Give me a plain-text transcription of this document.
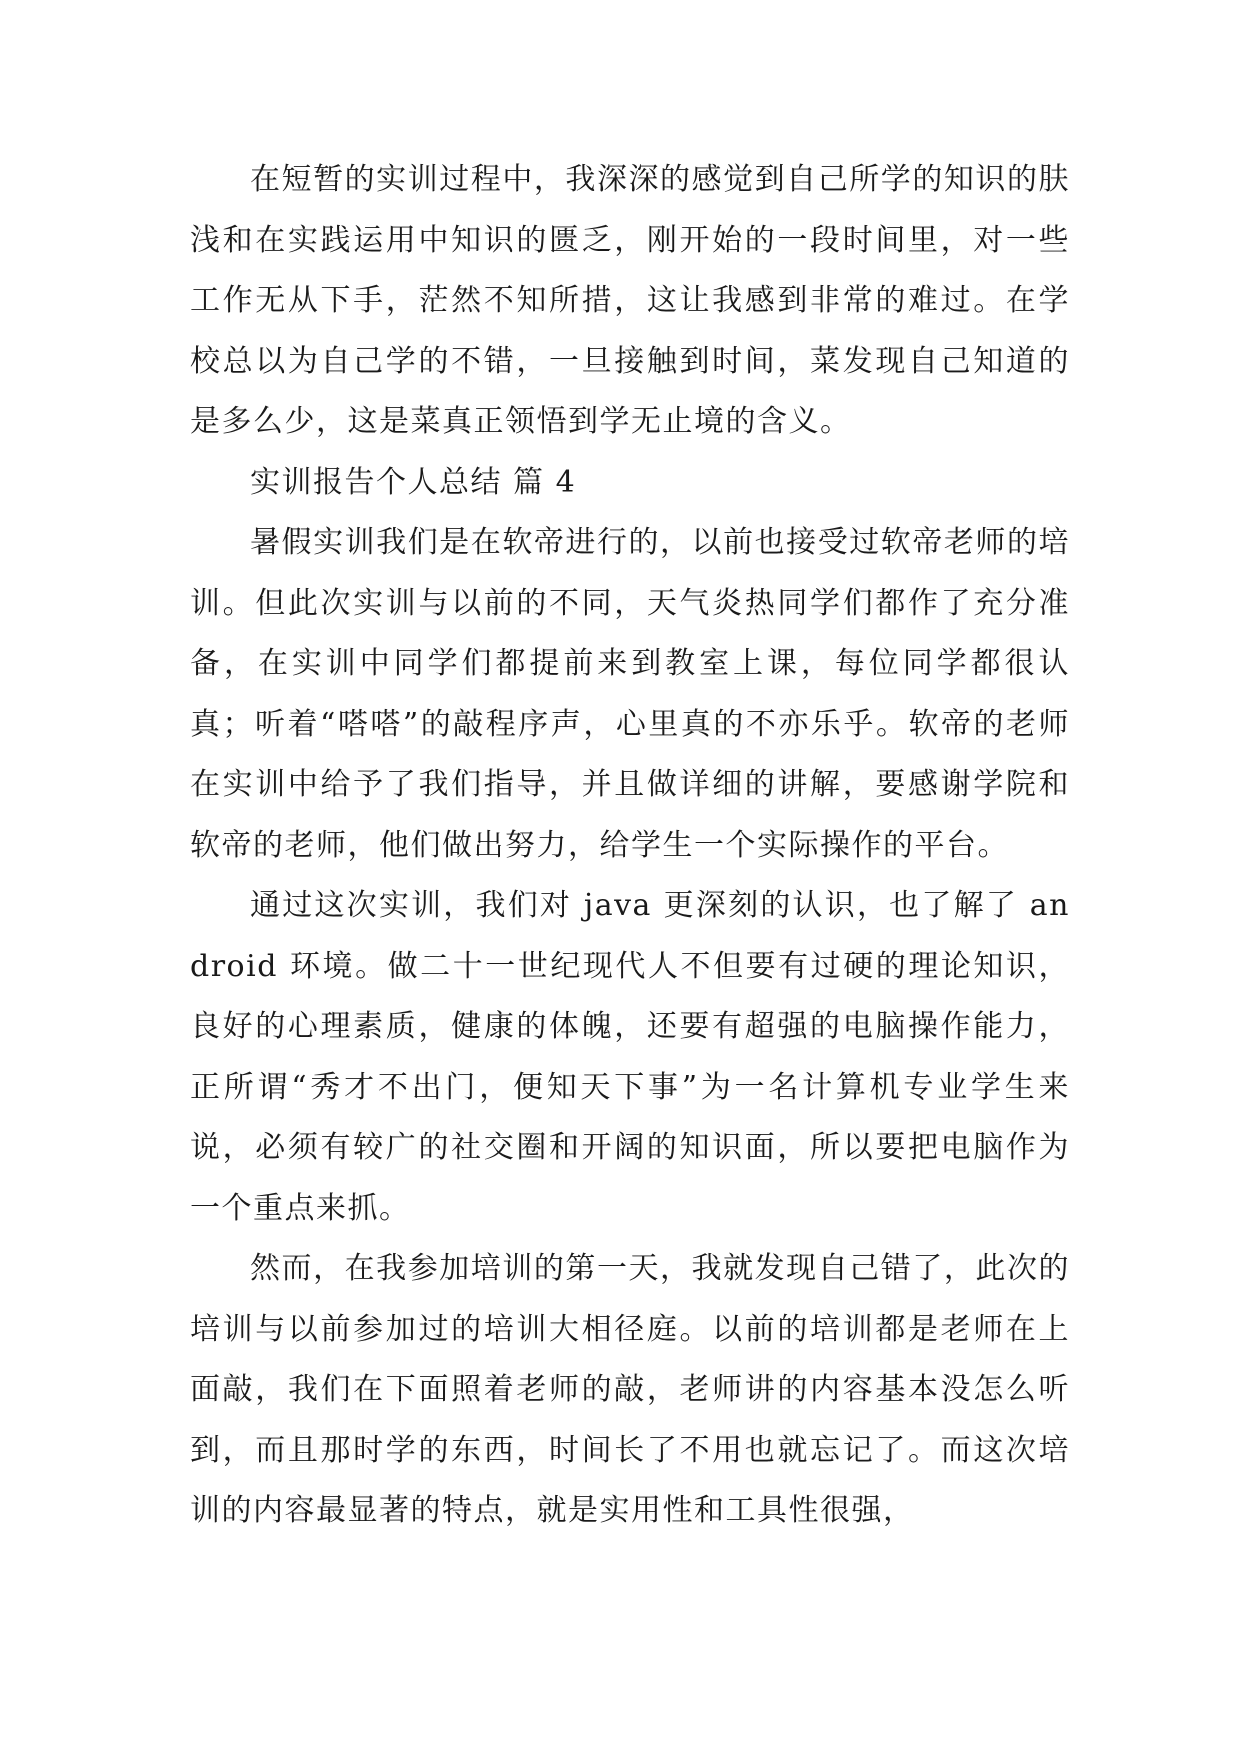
在短暂的实训过程中，我深深的感觉到自己所学的知识的肤浅和在实践运用中知识的匮乏，刚开始的一段时间里，对一些工作无从下手，茫然不知所措，这让我感到非常的难过。在学校总以为自己学的不错，一旦接触到时间，菜发现自己知道的是多么少，这是菜真正领悟到学无止境的含义。

实训报告个人总结 篇 4

暑假实训我们是在软帝进行的，以前也接受过软帝老师的培训。但此次实训与以前的不同，天气炎热同学们都作了充分准备，在实训中同学们都提前来到教室上课，每位同学都很认真；听着“嗒嗒”的敲程序声，心里真的不亦乐乎。软帝的老师在实训中给予了我们指导，并且做详细的讲解，要感谢学院和软帝的老师，他们做出努力，给学生一个实际操作的平台。

通过这次实训，我们对 java 更深刻的认识，也了解了 android 环境。做二十一世纪现代人不但要有过硬的理论知识，良好的心理素质，健康的体魄，还要有超强的电脑操作能力，正所谓“秀才不出门，便知天下事”为一名计算机专业学生来说，必须有较广的社交圈和开阔的知识面，所以要把电脑作为一个重点来抓。

然而，在我参加培训的第一天，我就发现自己错了，此次的培训与以前参加过的培训大相径庭。以前的培训都是老师在上面敲，我们在下面照着老师的敲，老师讲的内容基本没怎么听到，而且那时学的东西，时间长了不用也就忘记了。而这次培训的内容最显著的特点，就是实用性和工具性很强，
